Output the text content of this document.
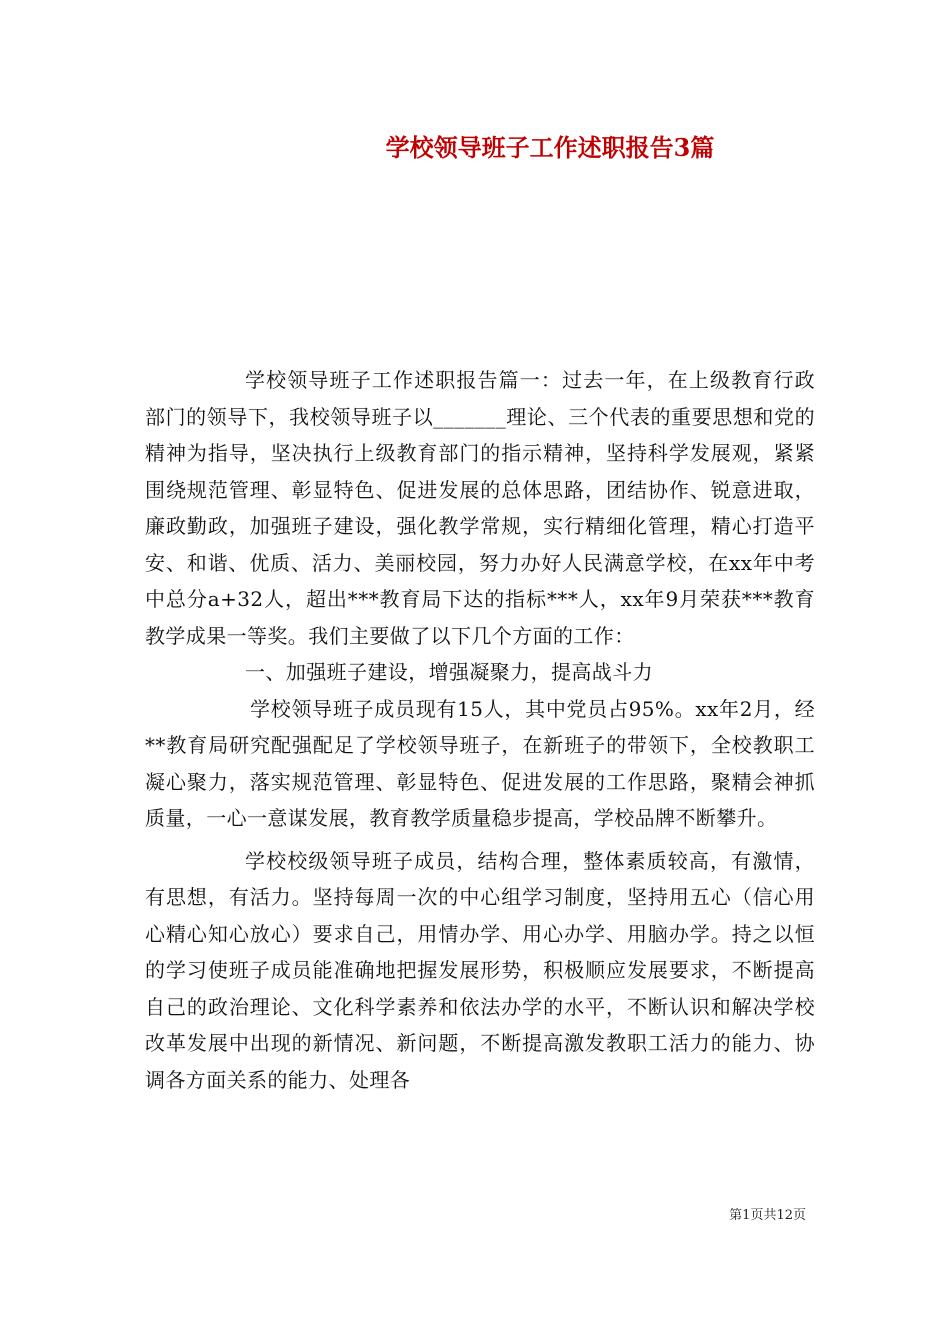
学校领导班子工作述职报告3篇

学校领导班子工作述职报告篇一：过去一年，在上级教育行政部门的领导下，我校领导班子以_______理论、三个代表的重要思想和党的精神为指导，坚决执行上级教育部门的指示精神，坚持科学发展观，紧紧围绕规范管理、彰显特色、促进发展的总体思路，团结协作、锐意进取，廉政勤政，加强班子建设，强化教学常规，实行精细化管理，精心打造平安、和谐、优质、活力、美丽校园，努力办好人民满意学校，在xx年中考中总分a+32人，超出***教育局下达的指标***人，xx年9月荣获***教育教学成果一等奖。我们主要做了以下几个方面的工作：

一、加强班子建设，增强凝聚力，提高战斗力

学校领导班子成员现有15人，其中党员占95%。xx年2月，经**教育局研究配强配足了学校领导班子，在新班子的带领下，全校教职工凝心聚力，落实规范管理、彰显特色、促进发展的工作思路，聚精会神抓质量，一心一意谋发展，教育教学质量稳步提高，学校品牌不断攀升。

学校校级领导班子成员，结构合理，整体素质较高，有激情，有思想，有活力。坚持每周一次的中心组学习制度，坚持用五心（信心用心精心知心放心）要求自己，用情办学、用心办学、用脑办学。持之以恒的学习使班子成员能准确地把握发展形势，积极顺应发展要求，不断提高自己的政治理论、文化科学素养和依法办学的水平，不断认识和解决学校改革发展中出现的新情况、新问题，不断提高激发教职工活力的能力、协调各方面关系的能力、处理各

第1页共12页
